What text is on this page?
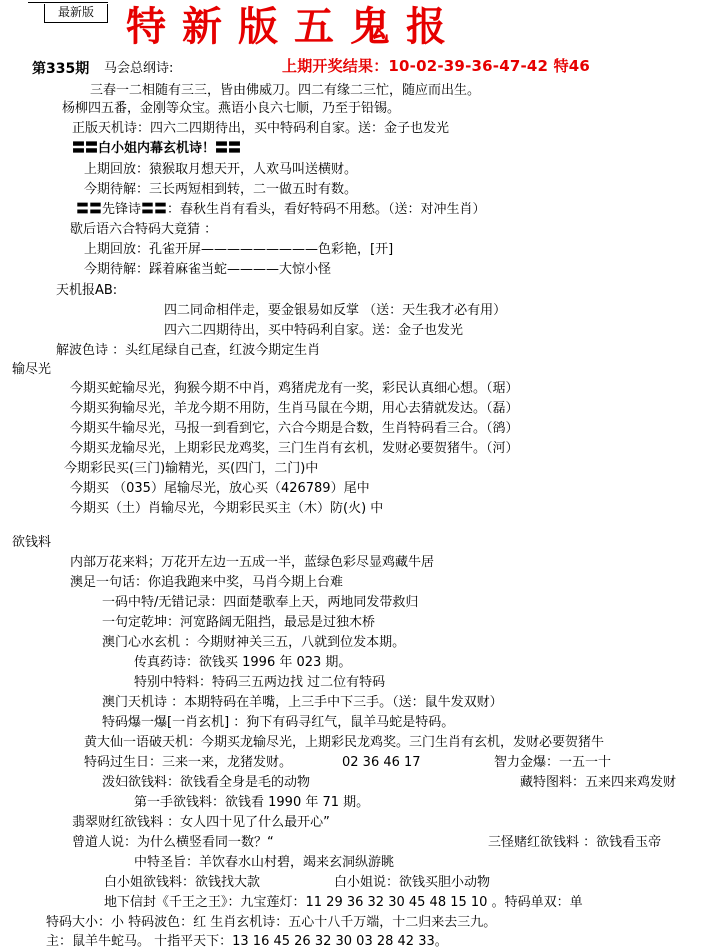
最新版 特新版五鬼报
第335期 马会总纲诗:	上期开奖结果：10-02-39-36-47-42 特46
三春一二相随有三三，皆由佛威刀。四二有缘二三忙，随应而出生。
杨柳四五番，金刚等众宝。燕语小良六七顺，乃至于铅锡。
正版天机诗：四六二四期待出，买中特码利自家。送：金子也发光
〓〓白小姐内幕玄机诗！〓〓
上期回放：猿猴取月想天开，人欢马叫送横财。
今期待解：三长两短相到转，二一做五时有数。
〓〓先锋诗〓〓：春秋生肖有看头，看好特码不用愁。（送：对冲生肖）
歇后语六合特码大竟猜 ：
上期回放：孔雀开屏—————————色彩艳，[开]
今期待解：踩着麻雀当蛇————大惊小怪
天机报AB:
四二同命相伴走，要金银易如反掌 （送：天生我才必有用）
四六二四期待出，买中特码利自家。送：金子也发光
解波色诗 ：头红尾绿自己查，红波今期定生肖
输尽光
今期买蛇输尽光，狗猴今期不中肖，鸡猪虎龙有一奖，彩民认真细心想。（琚）
今期买狗输尽光，羊龙今期不用防，生肖马鼠在今期，用心去猜就发达。（磊）
今期买牛输尽光，马报一到看到它，六合今期是合数，生肖特码看三合。（鹆）
今期买龙输尽光，上期彩民龙鸡奖，三门生肖有玄机，发财必要贺猪牛。（河）
今期彩民买(三门)输精光，买(四门，二门)中
今期买 （035）尾输尽光，放心买（426789）尾中
今期买（土）肖输尽光，今期彩民买主（木）防(火) 中
欲钱料
内部万花来料；万花开左边一五成一半，蓝绿色彩尽显鸡藏牛居
澳足一句话：你追我跑来中奖，马肖今期上台难
一码中特/无错记录：四面楚歌奉上天，两地同发带救归
一句定乾坤：河宽路阔无阻挡，最忌是过独木桥
澳门心水玄机 ：今期财神关三五，八就到位发本期。
传真药诗：欲钱买 1996 年 023 期。
特别中特料：特码三五两边找 过二位有特码
澳门天机诗 ：本期特码在羊嘴，上三手中下三手。（送：鼠牛发双财）
特码爆一爆[一肖玄机] ：狗下有码寻红气，鼠羊马蛇是特码。
黄大仙一语破天机：今期买龙输尽光，上期彩民龙鸡奖。三门生肖有玄机，发财必要贺猪牛
特码过生日：三来一来，龙猪发财。	02 36 46 17	智力金爆：一五一十
泼妇欲钱料：欲钱看全身是毛的动物	藏特图料：五来四来鸡发财
第一手欲钱料：欲钱看 1990 年 71 期。
翡翠财红欲钱料 ：女人四十见了什么最开心”
曾道人说：为什么横竖看同一数？“	三怪赌红欲钱料 ：欲钱看玉帝
中特圣旨：羊饮春水山村碧，竭来玄洞纵游眺
白小姐欲钱料：欲钱找大款	白小姐说：欲钱买胆小动物
地下信封《千王之王》：九宝莲灯：11 29 36 32 30 45 48 15 10 。特码单双：单
特码大小：小 特码波色：红 生肖玄机诗：五心十八千万端，十二归来去三九。
主：鼠羊牛蛇马。 十指平天下：13 16 45 26 32 30 03 28 42 33。
